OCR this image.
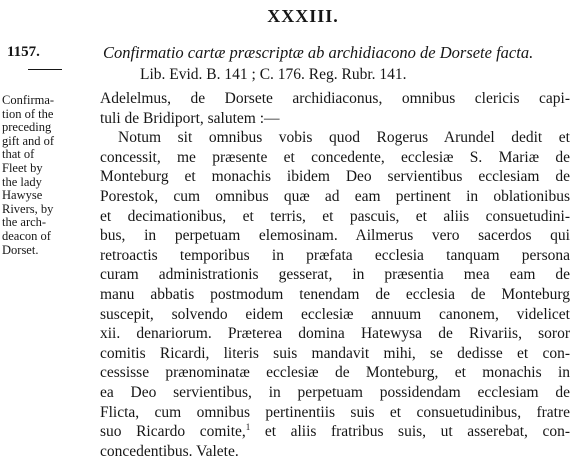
XXXIII.
1157.	Confirmatio cartæ præscriptæ ab archidiacono de Dorsete facta.
Lib. Evid. B. 141 ; C. 176. Reg. Rubr. 141.
Confirma-
tion of the
preceding
gift and of
that of
Fleet by
the lady
Hawyse
Rivers, by
the arch-
deacon of
Dorset.
Adelelmus, de Dorsete archidiaconus, omnibus clericis capi-
tuli de Bridiport, salutem :—
Notum sit omnibus vobis quod Rogerus Arundel dedit et
concessit, me præsente et concedente, ecclesiæ S. Mariæ de
Monteburg et monachis ibidem Deo servientibus ecclesiam de
Porestok, cum omnibus quæ ad eam pertinent in oblationibus
et decimationibus, et terris, et pascuis, et aliis consuetudini-
bus, in perpetuam elemosinam. Ailmerus vero sacerdos qui
retroactis temporibus in præfata ecclesia tanquam persona
curam administrationis gesserat, in præsentia mea eam de
manu abbatis postmodum tenendam de ecclesia de Monteburg
suscepit, solvendo eidem ecclesiæ annuum canonem, videlicet
xii. denariorum. Præterea domina Hatewysa de Rivariis, soror
comitis Ricardi, literis suis mandavit mihi, se dedisse et con-
cessisse prænominatæ ecclesiæ de Monteburg, et monachis in
ea Deo servientibus, in perpetuam possidendam ecclesiam de
Flicta, cum omnibus pertinentiis suis et consuetudinibus, fratre
suo Ricardo comite,$^1$ et aliis fratribus suis, ut asserebat, con-
concedentibus. Valete.
